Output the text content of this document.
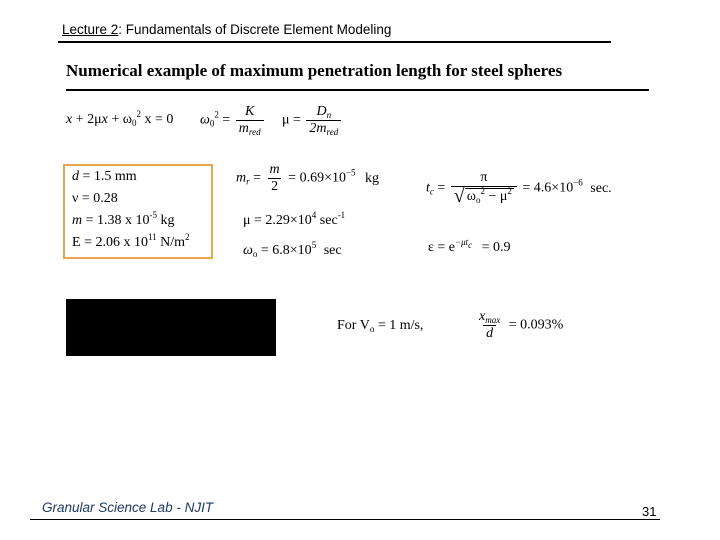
Lecture 2: Fundamentals of Discrete Element Modeling
Numerical example of maximum penetration length for steel spheres
$x + 2\mu x + \omega_0^2$ x = 0 $\omega_0^2 = \frac{K}{m_{red}}$ $\mu = \frac{D_n}{2m_{red}}$
d = 1.5 mm
ν = 0.28
m = 1.38 x $10^{-5}$ kg
E = 2.06 x $10^{11}$ $N/m^2$
$m_r = \frac{m}{2} = 0.69\times 10^{-5}$ kg
$\mu = 2.29\times 10^4$ $\sec^{-1}$
$\omega_o = 6.8\times 10^5$ sec
$t_c = \frac{\pi}{√ \omega_o^2 - \mu^2} = 4.6\times 10^{-6}$ sec.
$\varepsilon = e^{-\mu t_c} = 0.9$
For $V_o = 1$ m/s,	$\frac{x_{max}}{d} = 0.093\%$
Granular Science Lab - NJIT	31
